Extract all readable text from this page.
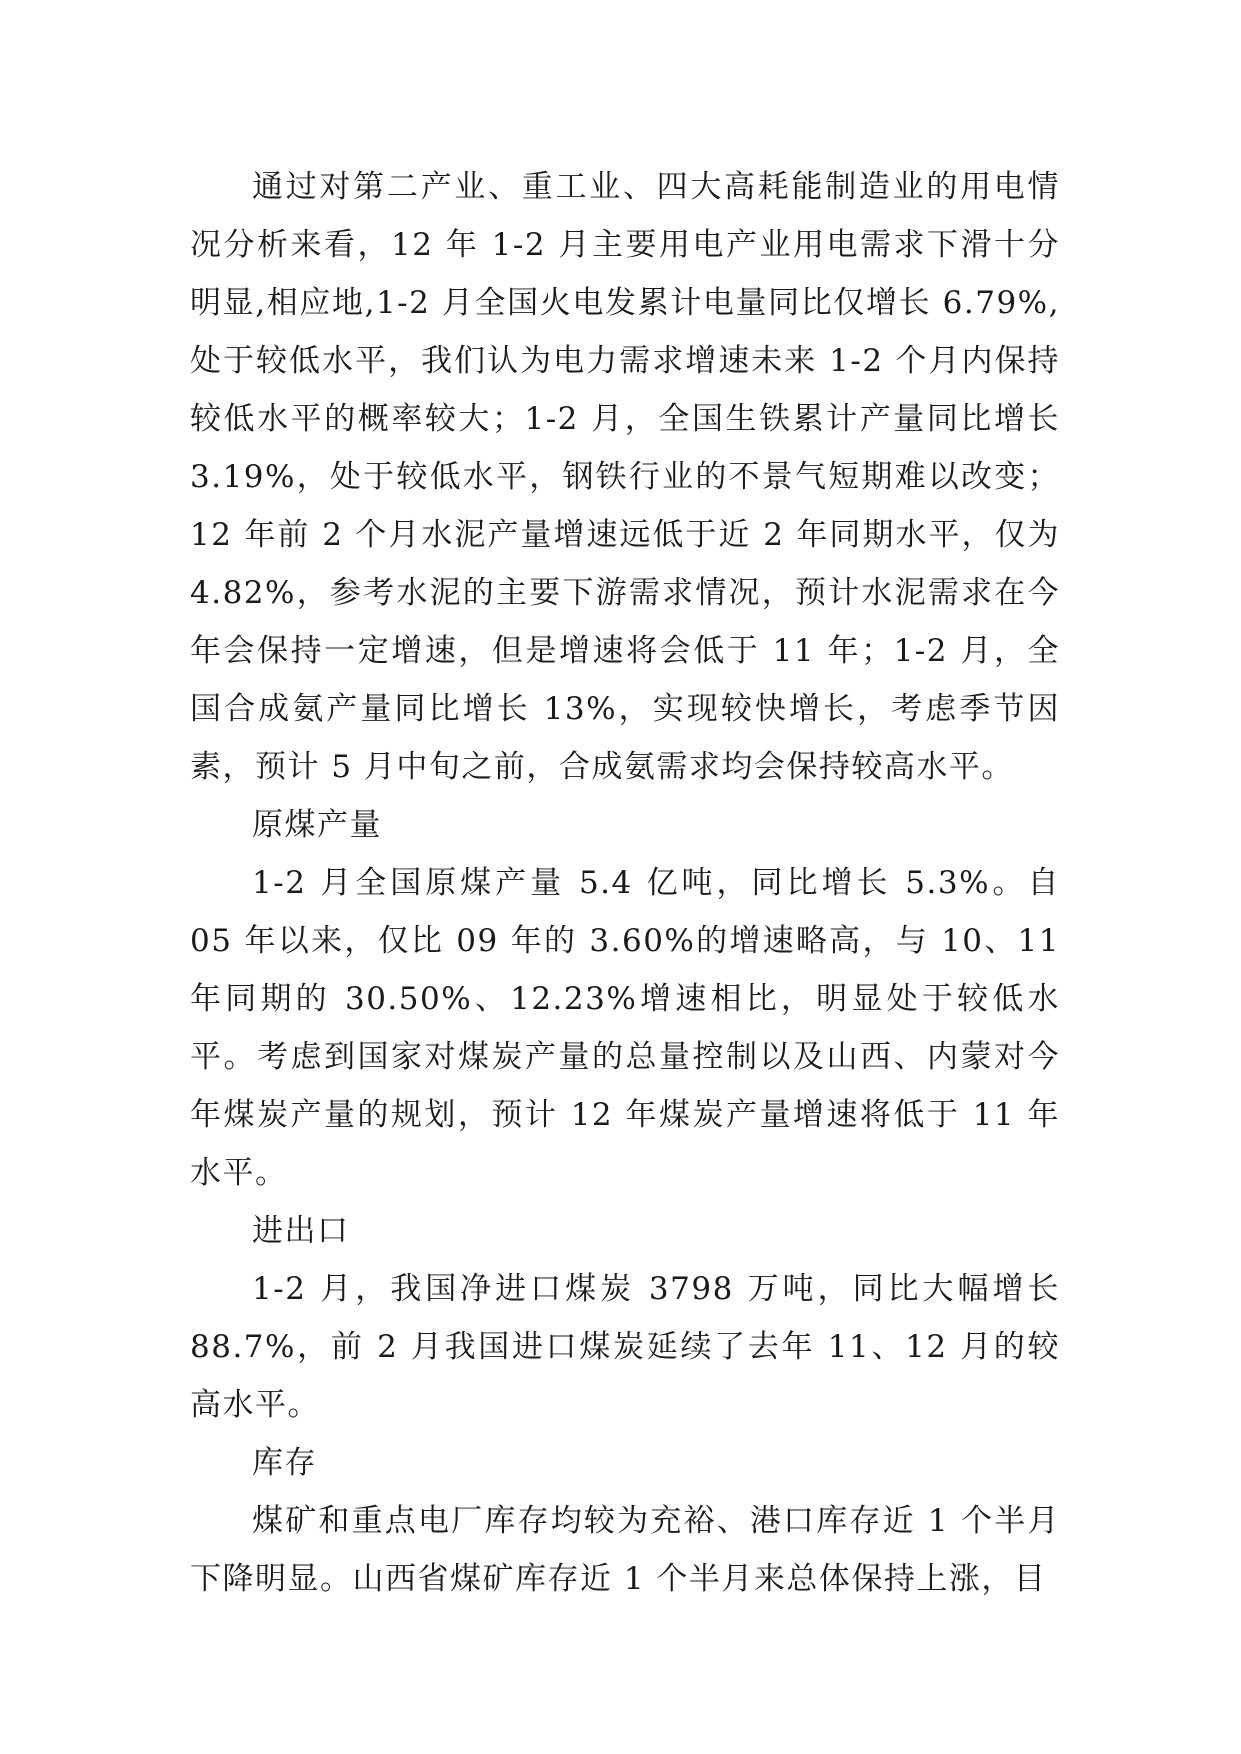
通过对第二产业、重工业、四大高耗能制造业的用电情况分析来看，12 年 1-2 月主要用电产业用电需求下滑十分明显,相应地,1-2 月全国火电发累计电量同比仅增长 6.79%,处于较低水平，我们认为电力需求增速未来 1-2 个月内保持较低水平的概率较大；1-2 月，全国生铁累计产量同比增长 3.19%，处于较低水平，钢铁行业的不景气短期难以改变；12 年前 2 个月水泥产量增速远低于近 2 年同期水平，仅为 4.82%，参考水泥的主要下游需求情况，预计水泥需求在今年会保持一定增速，但是增速将会低于 11 年；1-2 月，全国合成氨产量同比增长 13%，实现较快增长，考虑季节因素，预计 5 月中旬之前，合成氨需求均会保持较高水平。

原煤产量

1-2 月全国原煤产量 5.4 亿吨，同比增长 5.3%。自 05 年以来，仅比 09 年的 3.60%的增速略高，与 10、11 年同期的 30.50%、12.23%增速相比，明显处于较低水平。考虑到国家对煤炭产量的总量控制以及山西、内蒙对今年煤炭产量的规划，预计 12 年煤炭产量增速将低于 11 年水平。

进出口

1-2 月，我国净进口煤炭 3798 万吨，同比大幅增长 88.7%，前 2 月我国进口煤炭延续了去年 11、12 月的较高水平。

库存

煤矿和重点电厂库存均较为充裕、港口库存近 1 个半月下降明显。山西省煤矿库存近 1 个半月来总体保持上涨，目
